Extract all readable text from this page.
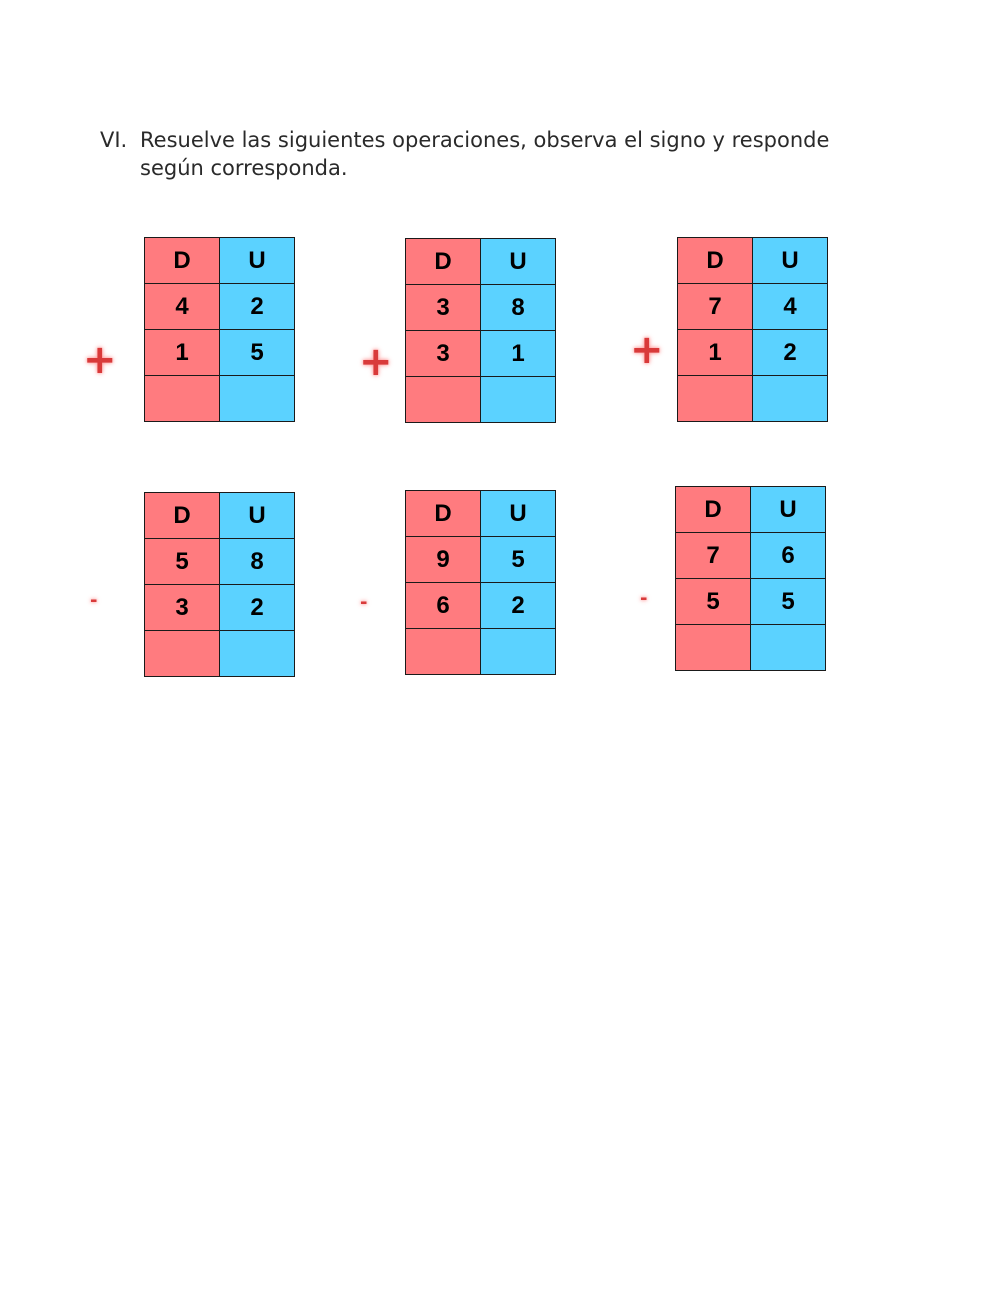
VI. Resuelve las siguientes operaciones, observa el signo y responde según corresponda.
+
D	U
4	2
1	5
	+
D	U
3	8
3	1
		+
D	U
7	4
1	2

-
D	U
5	8
3	2
		-
D	U
9	5
6	2
		-
D	U
7	6
5	5
